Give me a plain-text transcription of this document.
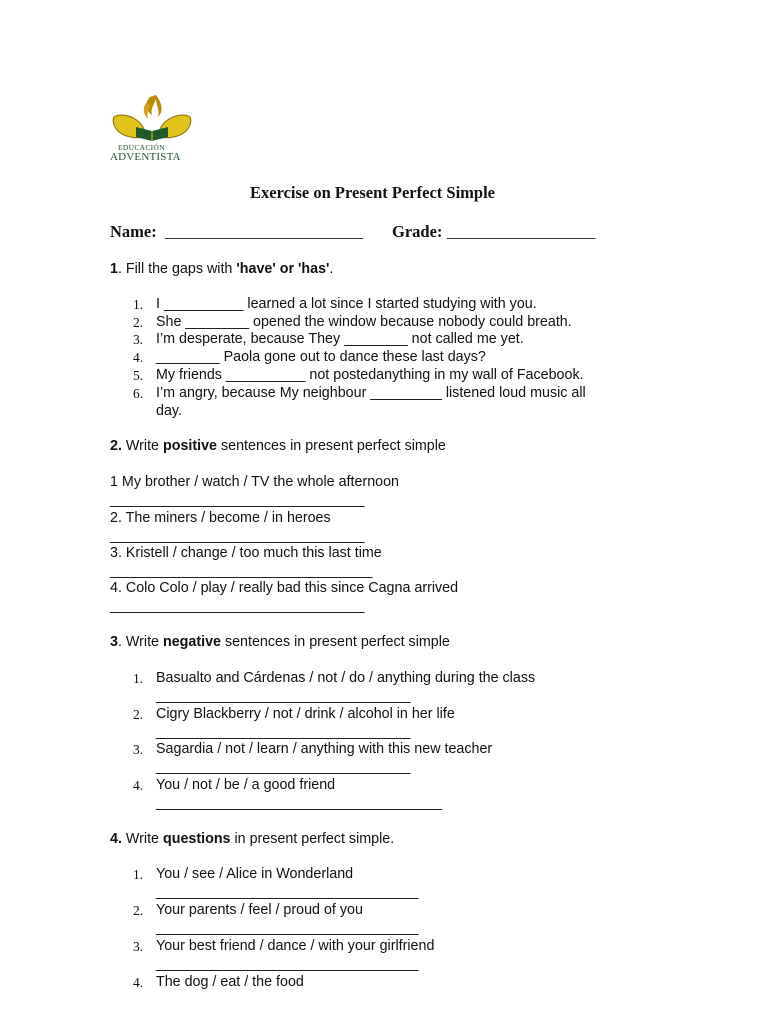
EDUCACIÓN
ADVENTISTA
Exercise on Present Perfect Simple
Name: ________________________ Grade: __________________
1. Fill the gaps with 'have' or 'has'.
1. I __________ learned a lot since I started studying with you.
2. She ________ opened the window because nobody could breath.
3. I’m desperate, because They ________ not called me yet.
4. ________ Paola gone out to dance these last days?
5. My friends __________ not postedanything in my wall of Facebook.
6. I’m angry, because My neighbour _________ listened loud music all
day.
2. Write positive sentences in present perfect simple
1 My brother / watch / TV the whole afternoon
________________________________
2. The miners / become / in heroes
________________________________
3. Kristell / change / too much this last time
_________________________________
4. Colo Colo / play / really bad this since Cagna arrived
________________________________
3. Write negative sentences in present perfect simple
1. Basualto and Cárdenas / not / do / anything during the class
________________________________
2. Cigry Blackberry / not / drink / alcohol in her life
________________________________
3. Sagardia / not / learn / anything with this new teacher
________________________________
4. You / not / be / a good friend
____________________________________
4. Write questions in present perfect simple.
1. You / see / Alice in Wonderland
_________________________________
2. Your parents / feel / proud of you
_________________________________
3. Your best friend / dance / with your girlfriend
_________________________________
4. The dog / eat / the food
